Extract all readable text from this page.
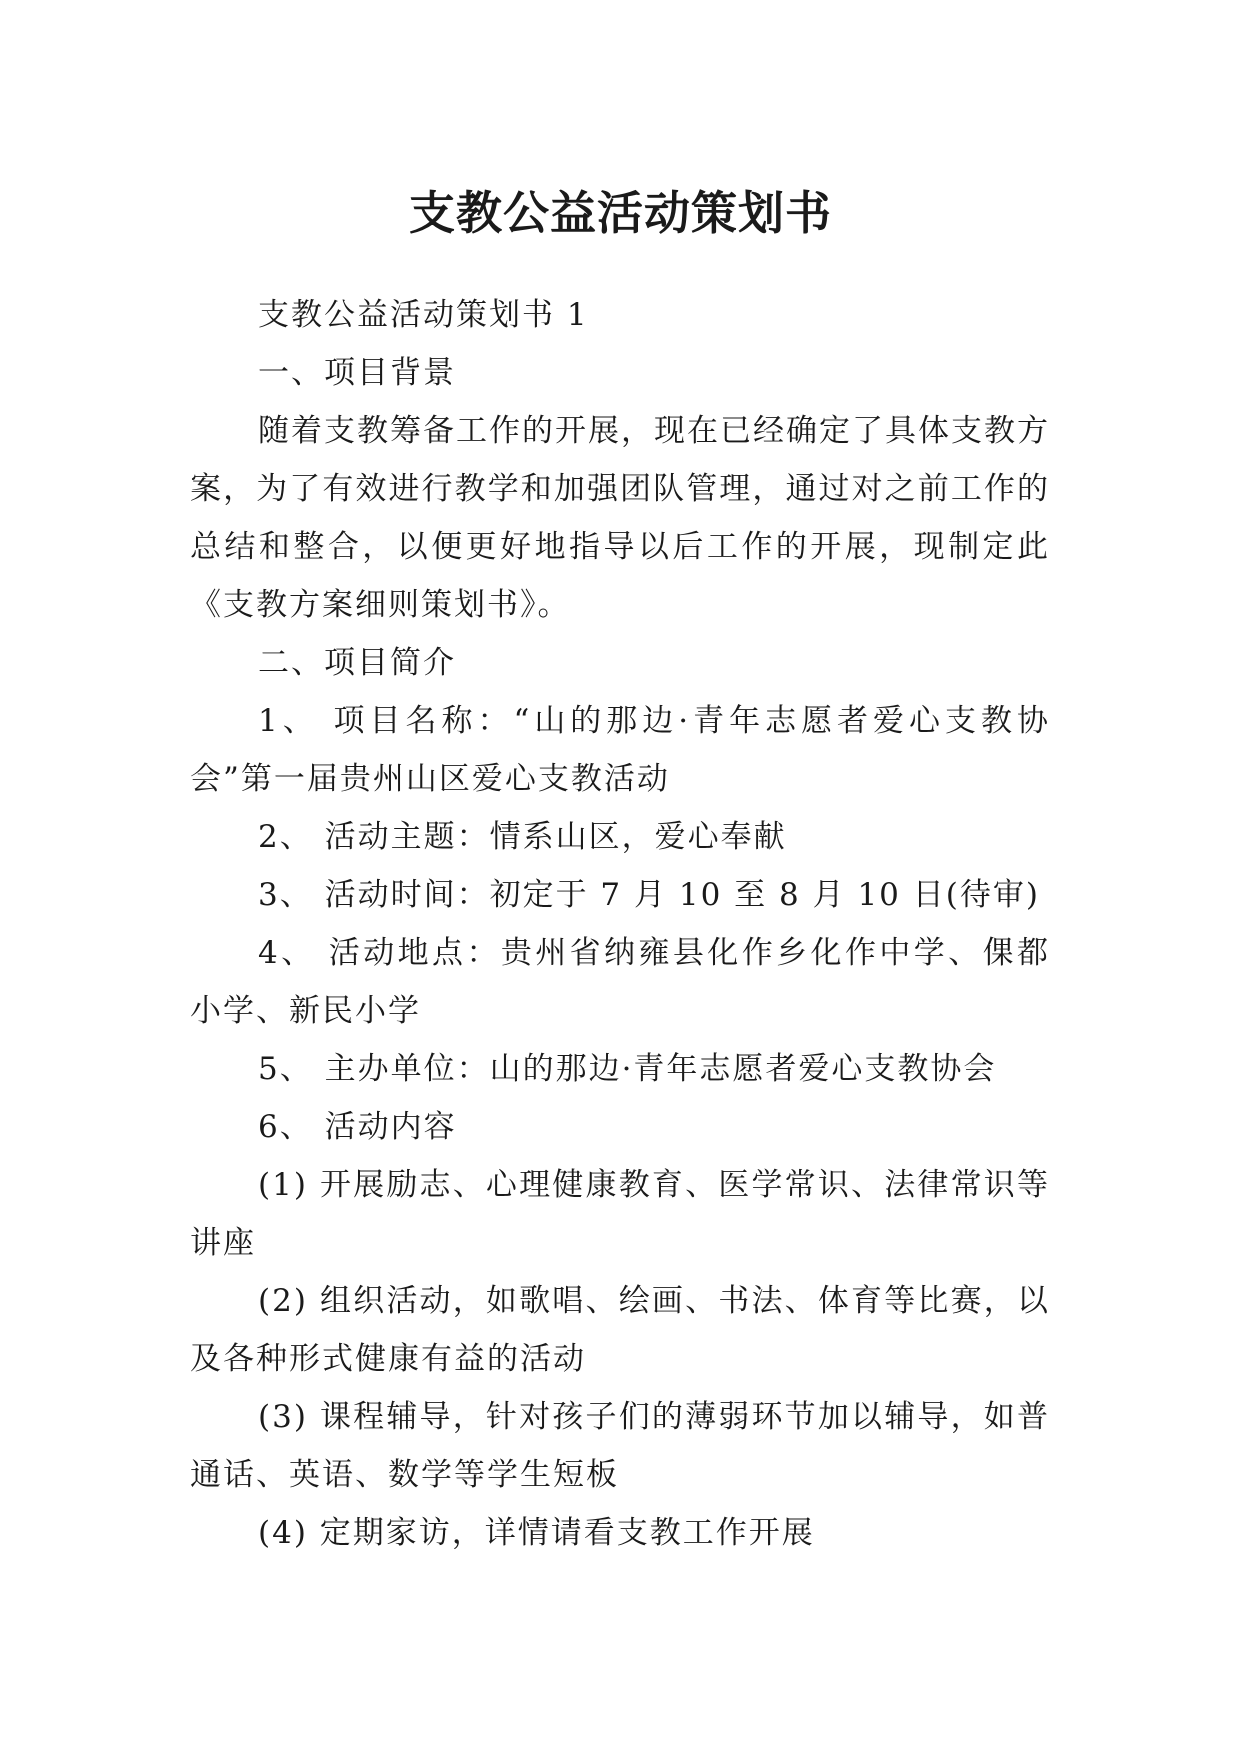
支教公益活动策划书

支教公益活动策划书 1

一、项目背景

随着支教筹备工作的开展，现在已经确定了具体支教方案，为了有效进行教学和加强团队管理，通过对之前工作的总结和整合，以便更好地指导以后工作的开展，现制定此《支教方案细则策划书》。

二、项目简介

1、 项目名称：“山的那边·青年志愿者爱心支教协会”第一届贵州山区爱心支教活动

2、 活动主题：情系山区，爱心奉献

3、 活动时间：初定于 7 月 10 至 8 月 10 日(待审)

4、 活动地点：贵州省纳雍县化作乡化作中学、倮都小学、新民小学

5、 主办单位：山的那边·青年志愿者爱心支教协会

6、 活动内容

(1) 开展励志、心理健康教育、医学常识、法律常识等讲座

(2) 组织活动，如歌唱、绘画、书法、体育等比赛，以及各种形式健康有益的活动

(3) 课程辅导，针对孩子们的薄弱环节加以辅导，如普通话、英语、数学等学生短板

(4) 定期家访，详情请看支教工作开展
